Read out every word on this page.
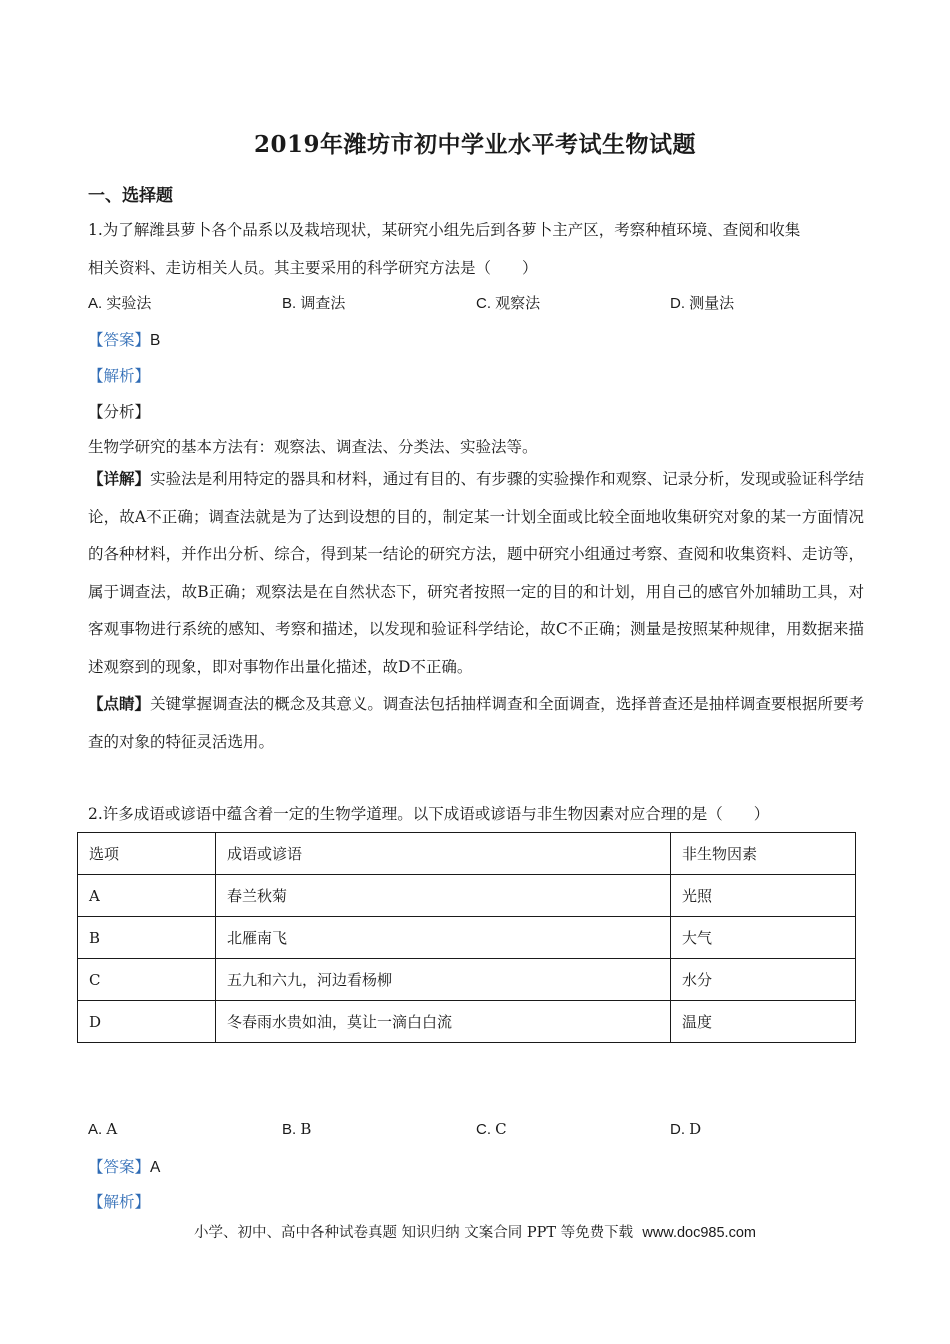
2019年潍坊市初中学业水平考试生物试题
一、选择题
1.为了解潍县萝卜各个品系以及栽培现状，某研究小组先后到各萝卜主产区，考察种植环境、查阅和收集
相关资料、走访相关人员。其主要采用的科学研究方法是（　　）
A. 实验法	B. 调查法	C. 观察法	D. 测量法
【答案】B
【解析】
【分析】
生物学研究的基本方法有：观察法、调查法、分类法、实验法等。

【详解】实验法是利用特定的器具和材料，通过有目的、有步骤的实验操作和观察、记录分析，发现或验证科学结论，故A不正确；调查法就是为了达到设想的目的，制定某一计划全面或比较全面地收集研究对象的某一方面情况的各种材料，并作出分析、综合，得到某一结论的研究方法，题中研究小组通过考察、查阅和收集资料、走访等，属于调查法，故B正确；观察法是在自然状态下，研究者按照一定的目的和计划，用自己的感官外加辅助工具，对客观事物进行系统的感知、考察和描述，以发现和验证科学结论，故C不正确；测量是按照某种规律，用数据来描述观察到的现象，即对事物作出量化描述，故D不正确。

【点睛】关键掌握调查法的概念及其意义。调查法包括抽样调查和全面调查，选择普查还是抽样调查要根据所要考查的对象的特征灵活选用。

2.许多成语或谚语中蕴含着一定的生物学道理。以下成语或谚语与非生物因素对应合理的是（　　）
选项	成语或谚语	非生物因素
A	春兰秋菊	光照
B	北雁南飞	大气
C	五九和六九，河边看杨柳	水分
D	冬春雨水贵如油，莫让一滴白白流	温度
A. A	B. B	C. C	D. D
【答案】A
【解析】
小学、初中、高中各种试卷真题 知识归纳 文案合同 PPT 等免费下载 www.doc985.com
